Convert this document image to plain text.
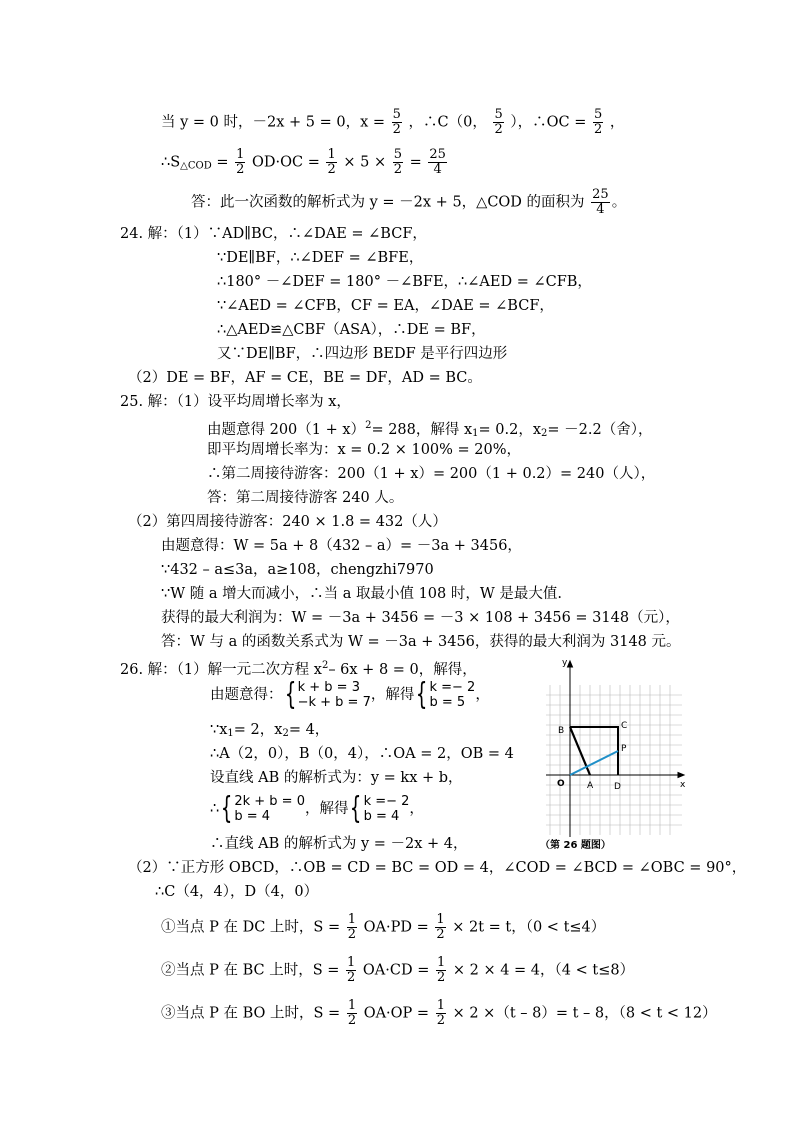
当 y = 0 时，－2x + 5 = 0，$x = \frac{5}{2}$ ，∴C（0， $\frac{5}{2}$ ），∴OC = $\frac{5}{2}$ ，
$\therefore S_{\triangle COD} = \frac{1}{2} OD\cdot OC = \frac{1}{2} \times 5 \times \frac{5}{2} = \frac{25}{4}$
答：此一次函数的解析式为 y = －2x + 5，△COD 的面积为 $\frac{25}{4}$ 。
24. 解：（1）∵AD∥BC，∴∠DAE = ∠BCF，
∵DE∥BF，∴∠DEF = ∠BFE，
∴180° －∠DEF = 180° －∠BFE，∴∠AED = ∠CFB，
∵∠AED = ∠CFB，CF = EA，∠DAE = ∠BCF，
∴△AED≌△CBF（ASA），∴DE = BF，
又∵DE∥BF，∴四边形 BEDF 是平行四边形
（2）DE = BF，AF = CE，BE = DF，AD = BC。
25. 解：（1）设平均周增长率为 x，
由题意得 $200(1 + x)^2= 288$，解得 $x_1= 0.2$，$x_2= -2.2$（舍），
即平均周增长率为：x = 0.2 × 100% = 20%，
∴第二周接待游客：200（1 + x）= 200（1 + 0.2）= 240（人），
答：第二周接待游客 240 人。
（2）第四周接待游客：240 × 1.8 = 432（人）
由题意得：W = 5a + 8（432 – a）= －3a + 3456，
∵432 – a≤3a，a≥108，chengzhi7970
∵W 随 a 增大而减小，∴当 a 取最小值 108 时，W 是最大值.
获得的最大利润为：W = －3a + 3456 = －3 × 108 + 3456 = 3148（元），
答：W 与 a 的函数关系式为 W = －3a + 3456，获得的最大利润为 3148 元。
26. 解：（1）解一元二次方程 $x^2-$ 6x + 8 = 0，解得，
由题意得：{ k + b = 3
−k + b = 7，解得{ k =− 2
b = 5 ，
$\because x_1= 2$，$x_2= 4$，
∴A（2，0），B（0，4），∴OA = 2，OB = 4
设直线 AB 的解析式为：y = kx + b，
∴{ 2k + b = 0
b = 4 ，解得{ k =− 2
b = 4 ，
∴直线 AB 的解析式为 y = －2x + 4，
（2）∵正方形 OBCD，∴OB = CD = BC = OD = 4，∠COD = ∠BCD = ∠OBC = 90°，
∴C（4，4），D（4，0）
①当点 P 在 DC 上时，$S = \frac{1}{2} OA\cdot PD = \frac{1}{2} \times 2t = t$，（0 < t≤4）
②当点 P 在 BC 上时，$S = \frac{1}{2} OA\cdot CD = \frac{1}{2} \times 2 \times 4 = 4$，（4 < t≤8）
③当点 P 在 BO 上时，$S = \frac{1}{2} OA\cdot OP = \frac{1}{2} \times 2 \times(t - 8)= t - 8$，（8 < t < 12）
y
x
O A
B	C
D
P
（第 26 题图）
